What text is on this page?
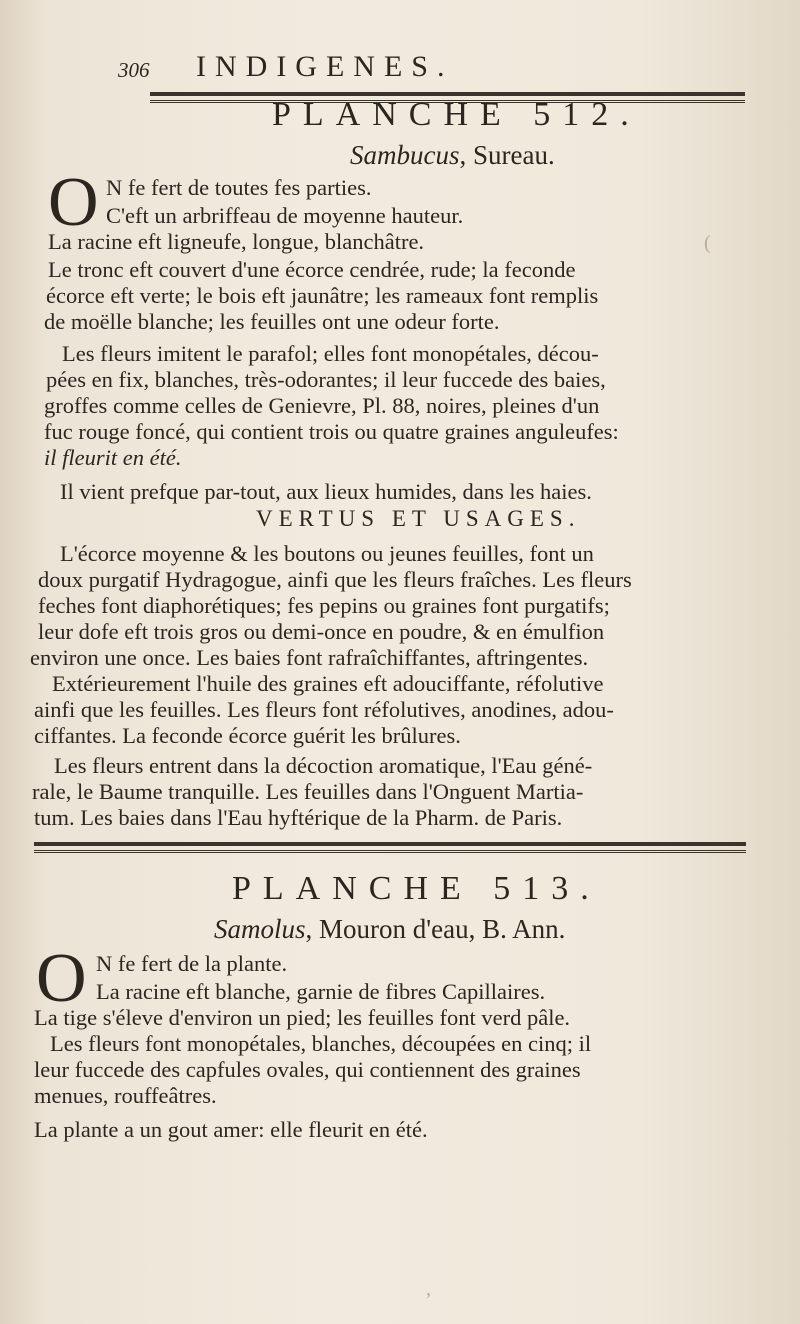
306 INDIGENES.
PLANCHE 512.
Sambucus, Sureau.
O N fe fert de toutes fes parties.
C'eft un arbriffeau de moyenne hauteur.
La racine eft ligneufe, longue, blanchâtre.
Le tronc eft couvert d'une écorce cendrée, rude; la feconde
écorce eft verte; le bois eft jaunâtre; les rameaux font remplis
de moëlle blanche; les feuilles ont une odeur forte.
Les fleurs imitent le parafol; elles font monopétales, décou-
pées en fix, blanches, très-odorantes; il leur fuccede des baies,
groffes comme celles de Genievre, Pl. 88, noires, pleines d'un
fuc rouge foncé, qui contient trois ou quatre graines anguleufes:
il fleurit en été.
Il vient prefque par-tout, aux lieux humides, dans les haies.
VERTUS ET USAGES.
L'écorce moyenne & les boutons ou jeunes feuilles, font un
doux purgatif Hydragogue, ainfi que les fleurs fraîches. Les fleurs
feches font diaphorétiques; fes pepins ou graines font purgatifs;
leur dofe eft trois gros ou demi-once en poudre, & en émulfion
environ une once. Les baies font rafraîchiffantes, aftringentes.
Extérieurement l'huile des graines eft adouciffante, réfolutive
ainfi que les feuilles. Les fleurs font réfolutives, anodines, adou-
ciffantes. La feconde écorce guérit les brûlures.
Les fleurs entrent dans la décoction aromatique, l'Eau géné-
rale, le Baume tranquille. Les feuilles dans l'Onguent Martia-
tum. Les baies dans l'Eau hyftérique de la Pharm. de Paris.
PLANCHE 513.
Samolus, Mouron d'eau, B. Ann.
O N fe fert de la plante.
La racine eft blanche, garnie de fibres Capillaires.
La tige s'éleve d'environ un pied; les feuilles font verd pâle.
Les fleurs font monopétales, blanches, découpées en cinq; il
leur fuccede des capfules ovales, qui contiennent des graines
menues, rouffeâtres.
La plante a un gout amer: elle fleurit en été.
(
,
